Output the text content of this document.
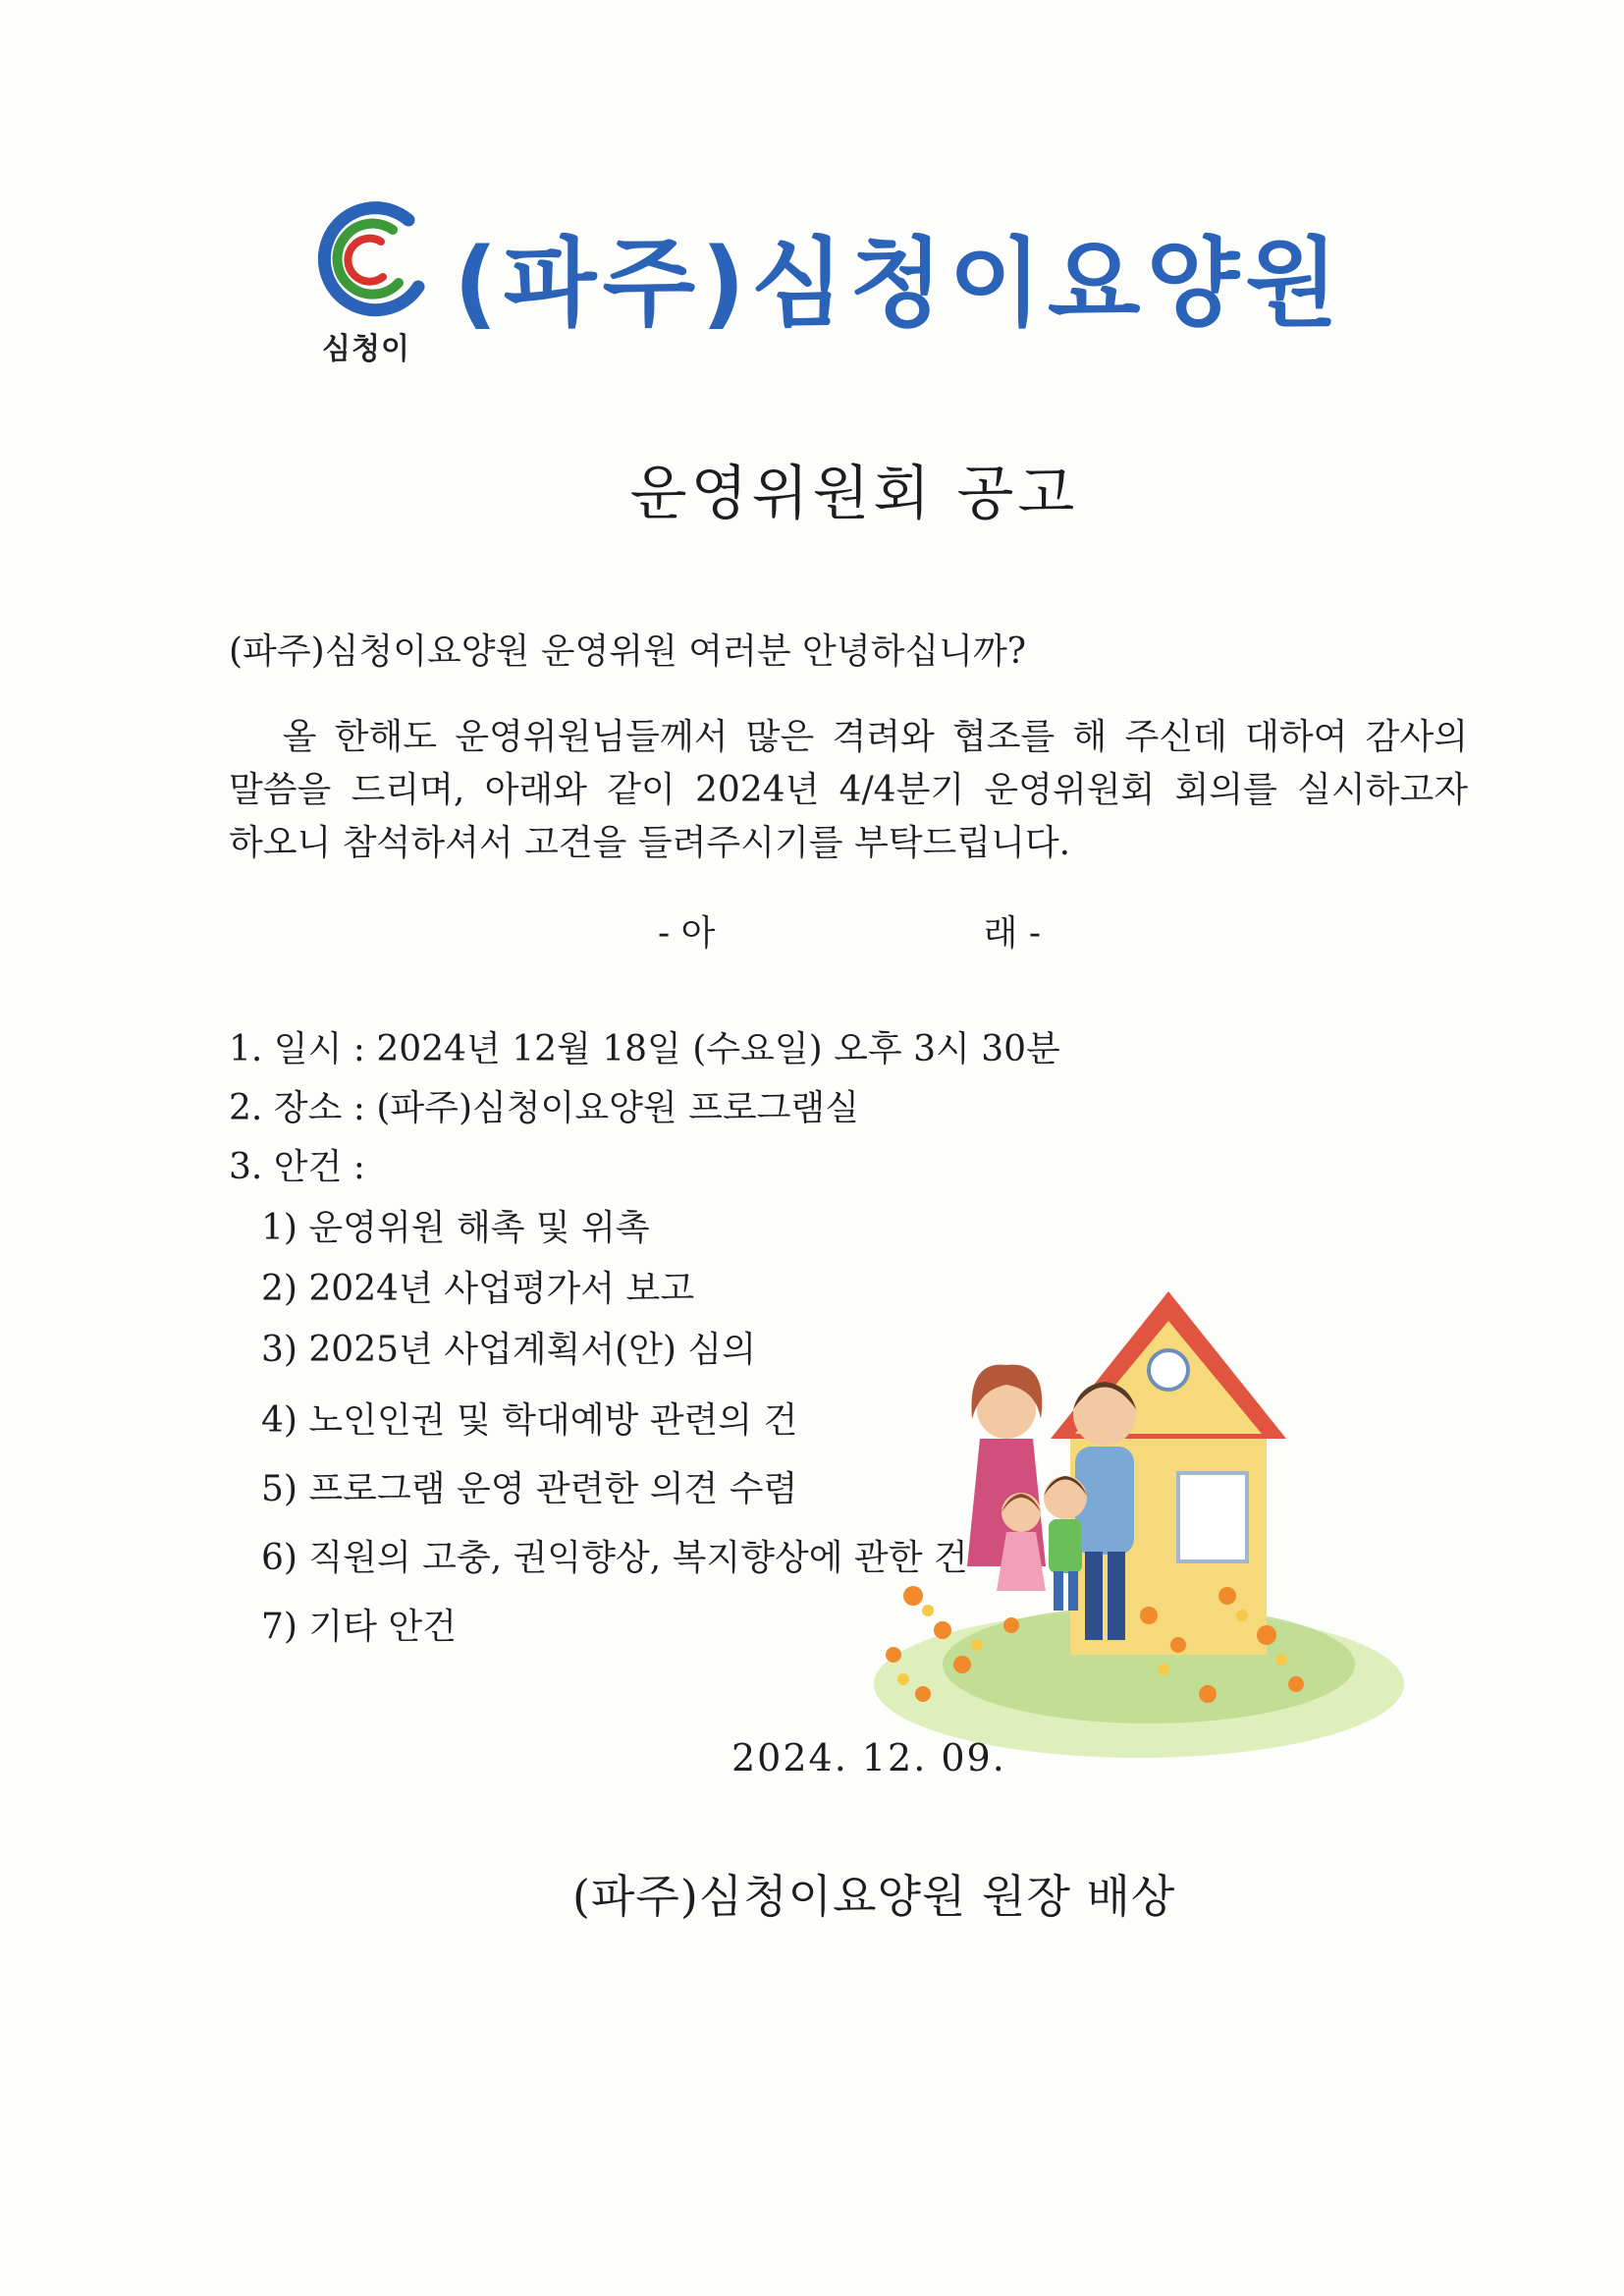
심청이
(파주)심청이요양원
운영위원회 공고
(파주)심청이요양원 운영위원 여러분 안녕하십니까?
올 한해도 운영위원님들께서 많은 격려와 협조를 해 주신데 대하여 감사의
말씀을 드리며, 아래와 같이 2024년 4/4분기 운영위원회 회의를 실시하고자
하오니 참석하셔서 고견을 들려주시기를 부탁드립니다.
- 아	래 -
1. 일시 : 2024년 12월 18일 (수요일) 오후 3시 30분
2. 장소 : (파주)심청이요양원 프로그램실
3. 안건 :
1) 운영위원 해촉 및 위촉
2) 2024년 사업평가서 보고
3) 2025년 사업계획서(안) 심의
4) 노인인권 및 학대예방 관련의 건
5) 프로그램 운영 관련한 의견 수렴
6) 직원의 고충, 권익향상, 복지향상에 관한 건
7) 기타 안건
2024. 12. 09.
(파주)심청이요양원 원장 배상
